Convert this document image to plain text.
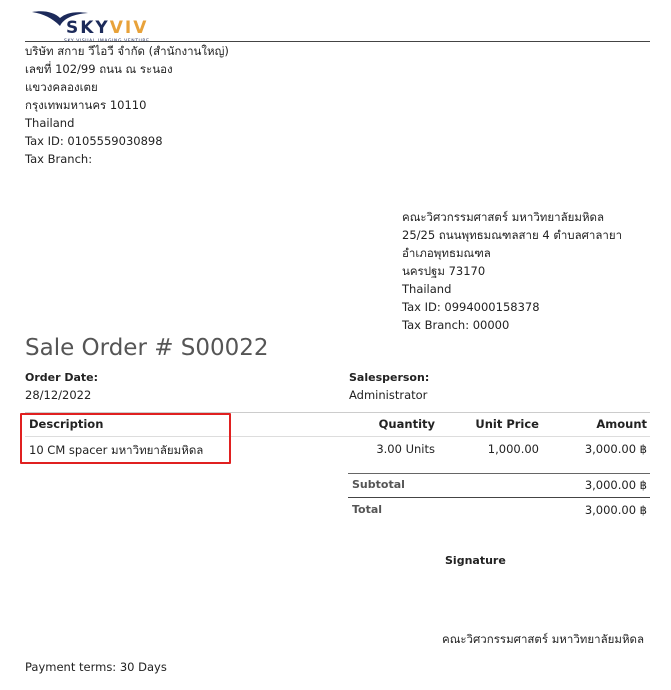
SKYVIV
บริษัท สกาย วีไอวี จำกัด (สำนักงานใหญ่)
เลขที่ 102/99 ถนน ณ ระนอง
แขวงคลองเตย
กรุงเทพมหานคร 10110
Thailand
Tax ID: 0105559030898
Tax Branch:
คณะวิศวกรรมศาสตร์ มหาวิทยาลัยมหิดล
25/25 ถนนพุทธมณฑลสาย 4 ตำบลศาลายา
อำเภอพุทธมณฑล
นครปฐม 73170
Thailand
Tax ID: 0994000158378
Tax Branch: 00000
Sale Order # S00022
Order Date:
28/12/2022
Salesperson:
Administrator
Description	Quantity	Unit Price	Amount
10 CM spacer มหาวิทยาลัยมหิดล	3.00 Units	1,000.00	3,000.00 ฿
Subtotal	3,000.00 ฿
Total	3,000.00 ฿
Signature
คณะวิศวกรรมศาสตร์ มหาวิทยาลัยมหิดล
Payment terms: 30 Days
